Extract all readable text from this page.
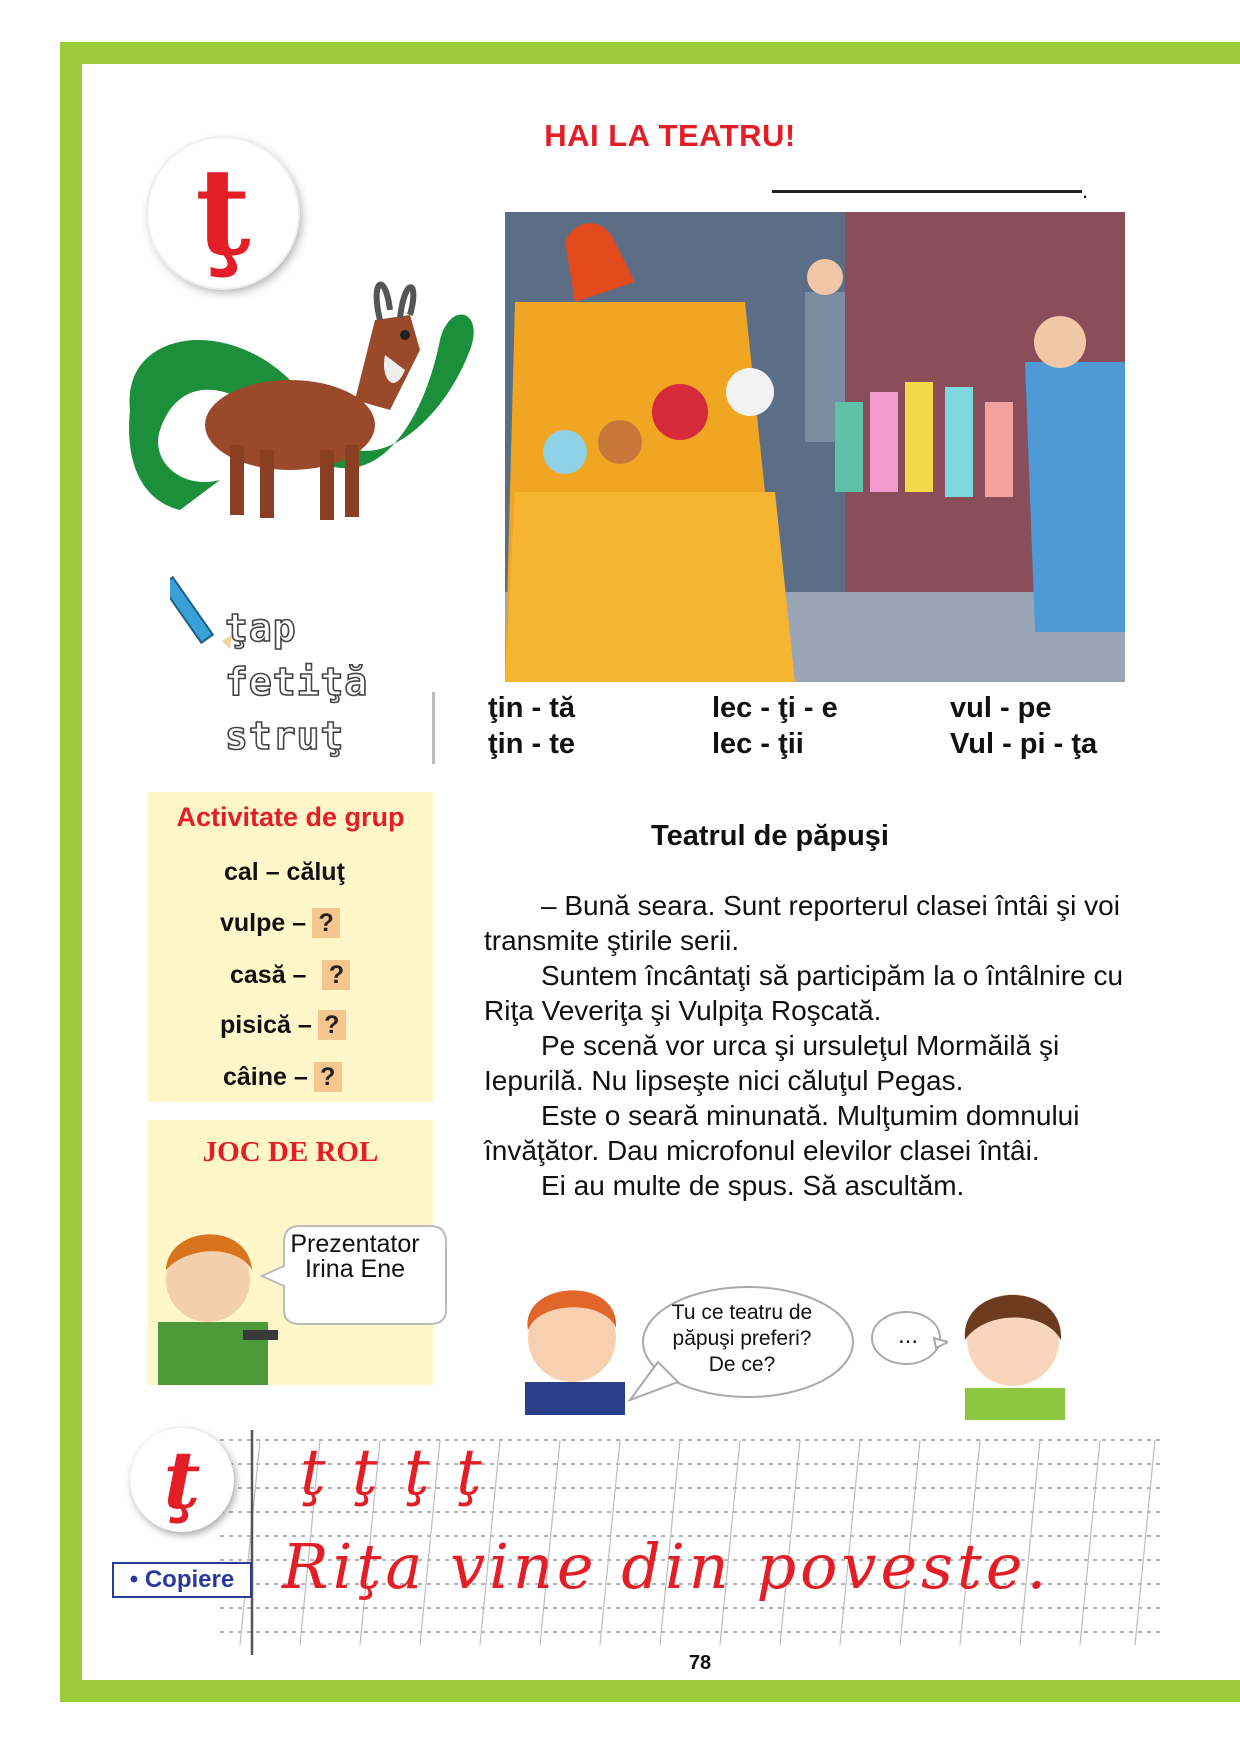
ţ
HAI LA TEATRU!
.
ţap
fetiţă
struţ
ţin - tă
ţin - te
lec - ţi - e
lec - ţii
vul - pe
Vul - pi - ţa
Activitate de grup
cal – căluţ
vulpe – ?
casă – ?
pisică – ?
câine – ?
JOC DE ROL
Prezentator
Irina Ene
Teatrul de păpuşi

– Bună seara. Sunt reporterul clasei întâi şi voi transmite ştirile serii.

Suntem încântaţi să participăm la o întâlnire cu Riţa Veveriţa şi Vulpiţa Roşcată.

Pe scenă vor urca şi ursuleţul Mormăilă şi Iepurilă. Nu lipseşte nici căluţul Pegas.

Este o seară minunată. Mulţumim domnului învăţător. Dau microfonul elevilor clasei întâi.

Ei au multe de spus. Să ascultăm.

Tu ce teatru de
păpuşi preferi?
De ce?
...
ţ	ţ ţ ţ ţ
Riţa vine din poveste.
• Copiere
78
